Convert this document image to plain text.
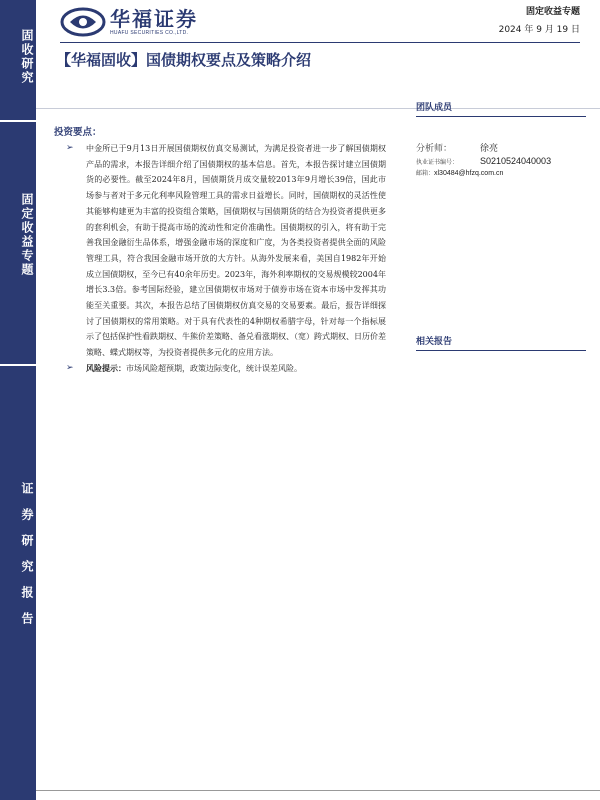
固收研究
固定收益专题
证券研究报告
华福证券
HUAFU SECURITIES CO.,LTD.
固定收益专题
2024 年 9 月 19 日
【华福固收】国债期权要点及策略介绍
投资要点：
➢	中金所已于9月13日开展国债期权仿真交易测试，为满足投资者进一步了解国债期权产品的需求，本报告详细介绍了国债期权的基本信息。首先，本报告探讨建立国债期货的必要性。截至2024年8月，国债期货月成交量较2013年9月增长39倍，国此市场参与者对于多元化利率风险管理工具的需求日益增长。同时，国债期权的灵活性使其能够构建更为丰富的投资组合策略，国债期权与国债期货的结合为投资者提供更多的套利机会，有助于提高市场的流动性和定价准确性。国债期权的引入，将有助于完善我国金融衍生品体系，增强金融市场的深度和广度，为各类投资者提供全面的风险管理工具，符合我国金融市场开放的大方针。从海外发展来看，美国自1982年开始成立国债期权，至今已有40余年历史。2023年，海外利率期权的交易规模较2004年增长3.3倍。参考国际经验，建立国债期权市场对于债券市场在资本市场中发挥其功能至关重要。其次，本报告总结了国债期权仿真交易的交易要素。最后，报告详细探讨了国债期权的常用策略。对于具有代表性的4种期权希腊字母，针对每一个指标展示了包括保护性看跌期权、牛熊价差策略、备兑看涨期权、（宽）跨式期权、日历价差策略、蝶式期权等，为投资者提供多元化的应用方法。
➢	风险提示：市场风险超预期，政策边际变化，统计误差风险。
团队成员
分析师：	徐亮
执业证书编号：	S0210524040003
邮箱： xl30484@hfzq.com.cn
相关报告
